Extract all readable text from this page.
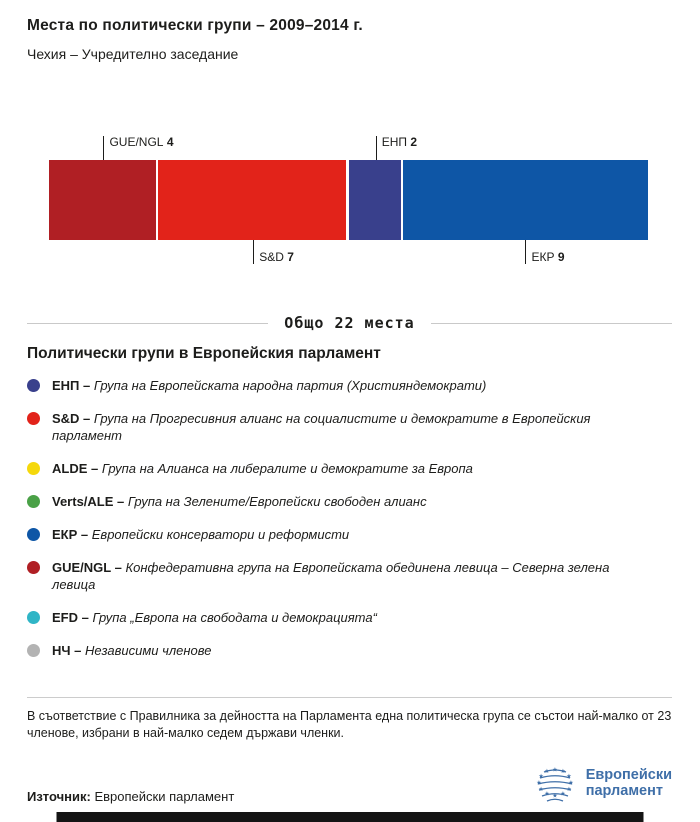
Места по политически групи – 2009–2014 г.
Чехия – Учредително заседание
GUE/NGL 4
S&D 7
ЕНП 2
ЕКР 9
Общо 22 места
Политически групи в Европейския парламент

ЕНП – Група на Европейската народна партия (Християндемократи)

S&D – Група на Прогресивния алианс на социалистите и демократите в Европейския парламент

ALDE – Група на Алианса на либералите и демократите за Европа

Verts/ALE – Група на Зелените/Европейски свободен алианс

ЕКР – Европейски консерватори и реформисти

GUE/NGL – Конфедеративна група на Европейската обединена левица – Северна зелена левица

EFD – Група „Европа на свободата и демокрацията“

НЧ – Независими членове

В съответствие с Правилника за дейността на Парламента една политическа група се състои най-малко от 23 членове, избрани в най-малко седем държави членки.

Източник: Европейски парламент

★
★
★
★
★
★
★
★
★ ★ ★
★ Европейски
парламент
